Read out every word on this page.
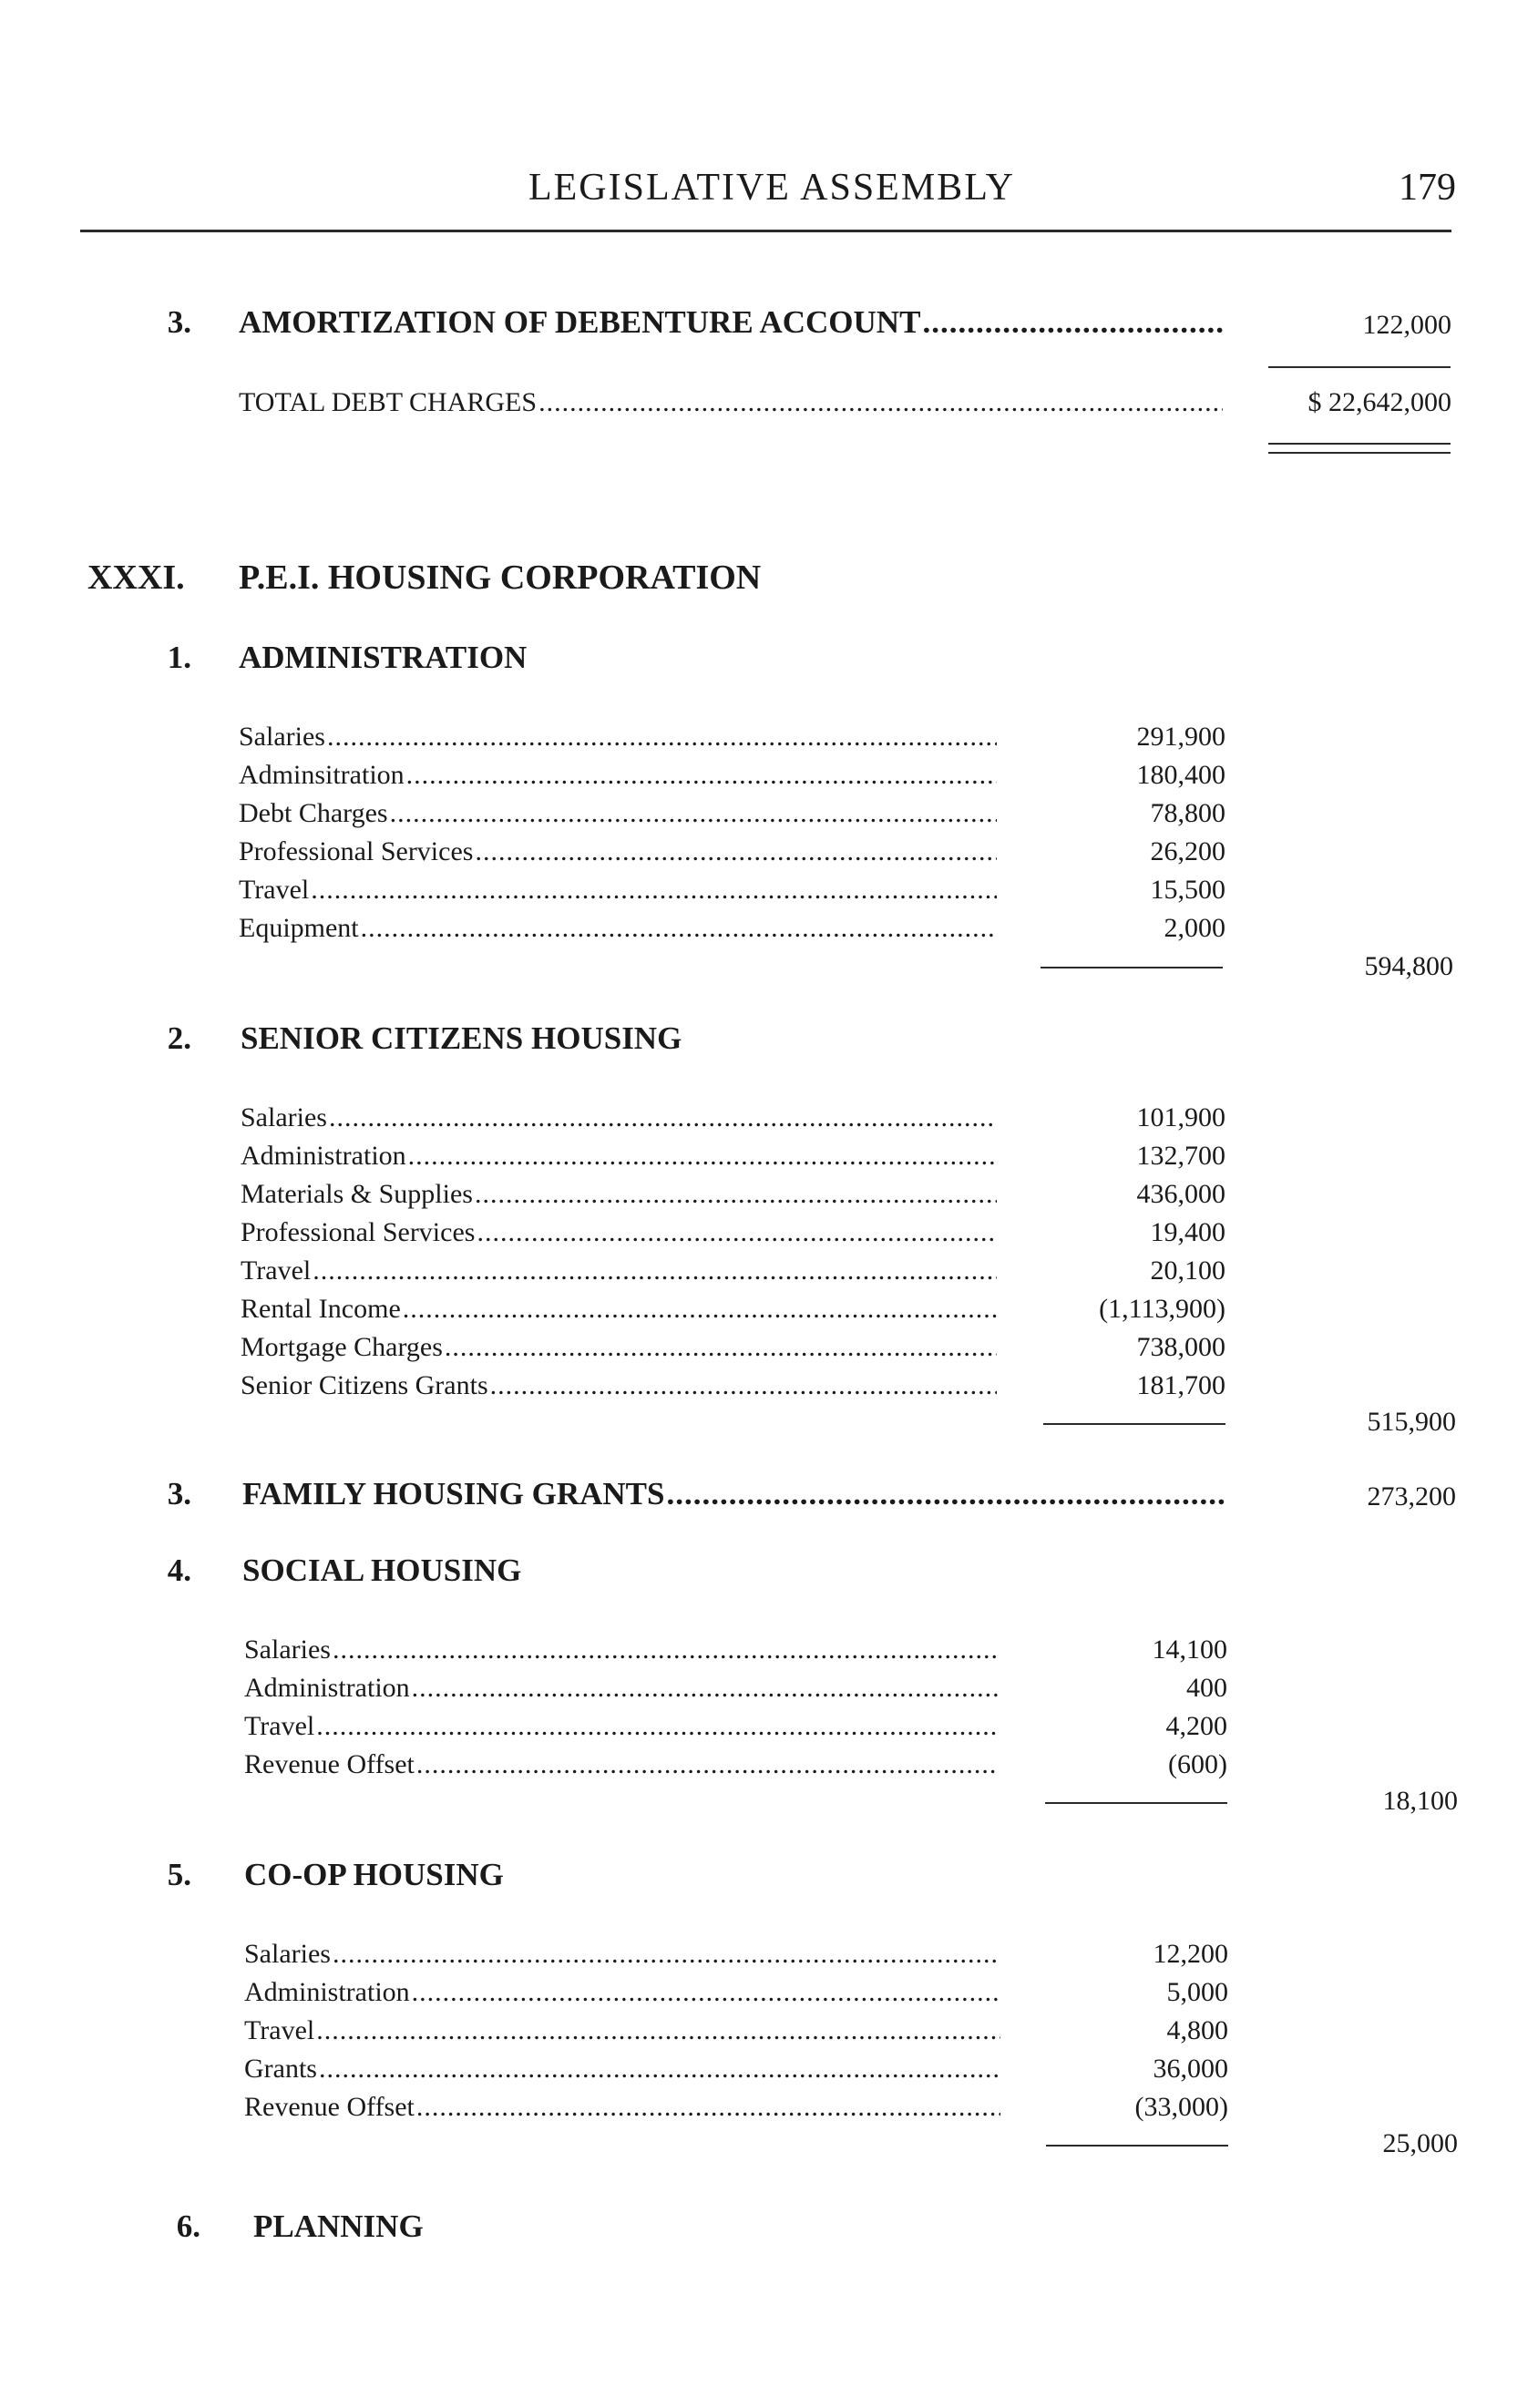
LEGISLATIVE ASSEMBLY	179
3. AMORTIZATION OF DEBENTURE ACCOUNT .....	122,000
TOTAL DEBT CHARGES .....	$ 22,642,000
XXXI. P.E.I. HOUSING CORPORATION
1. ADMINISTRATION
Salaries .....	291,900
Adminsitration .....	180,400
Debt Charges .....	78,800
Professional Services .....	26,200
Travel .....	15,500
Equipment .....	2,000
594,800
2. SENIOR CITIZENS HOUSING
Salaries .....	101,900
Administration .....	132,700
Materials & Supplies .....	436,000
Professional Services .....	19,400
Travel .....	20,100
Rental Income .....	(1,113,900)
Mortgage Charges .....	738,000
Senior Citizens Grants .....	181,700
515,900
3. FAMILY HOUSING GRANTS .....	273,200
4. SOCIAL HOUSING
Salaries .....	14,100
Administration .....	400
Travel .....	4,200
Revenue Offset .....	(600)
18,100
5. CO-OP HOUSING
Salaries .....	12,200
Administration .....	5,000
Travel .....	4,800
Grants .....	36,000
Revenue Offset .....	(33,000)
25,000
6. PLANNING
